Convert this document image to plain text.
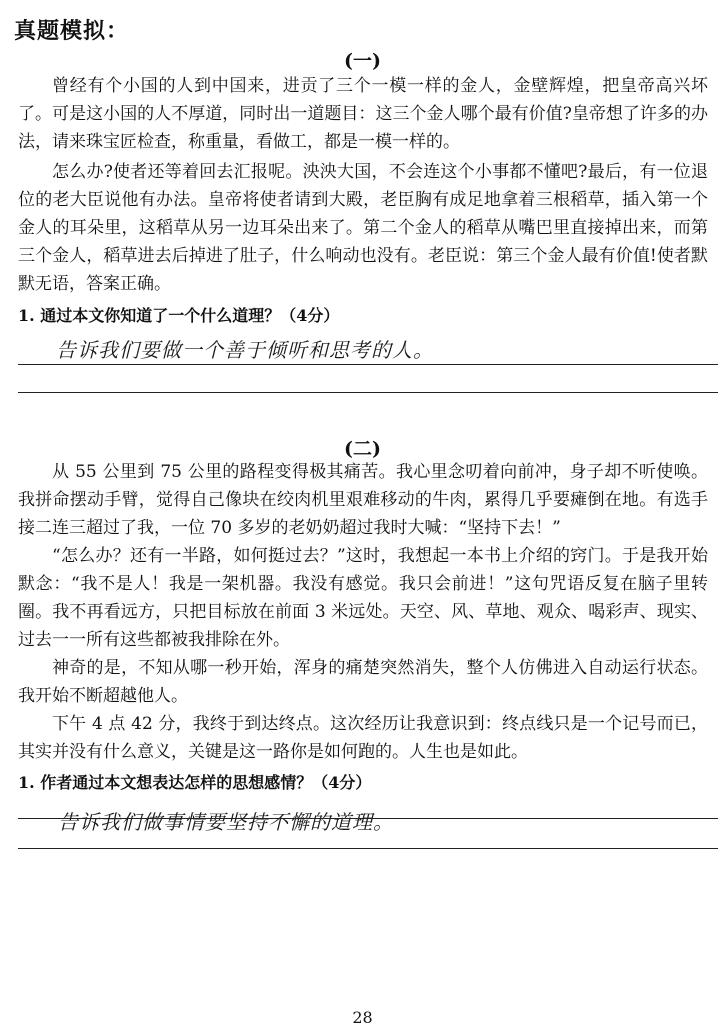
真题模拟：
(一)

曾经有个小国的人到中国来，进贡了三个一模一样的金人，金壁辉煌，把皇帝高兴坏了。可是这小国的人不厚道，同时出一道题目：这三个金人哪个最有价值?皇帝想了许多的办法，请来珠宝匠检查，称重量，看做工，都是一模一样的。

怎么办?使者还等着回去汇报呢。泱泱大国，不会连这个小事都不懂吧?最后，有一位退位的老大臣说他有办法。皇帝将使者请到大殿，老臣胸有成足地拿着三根稻草，插入第一个金人的耳朵里，这稻草从另一边耳朵出来了。第二个金人的稻草从嘴巴里直接掉出来，而第三个金人，稻草进去后掉进了肚子，什么响动也没有。老臣说：第三个金人最有价值!使者默默无语，答案正确。

1. 通过本文你知道了一个什么道理？（4分）
告诉我们要做一个善于倾听和思考的人。
(二)

从 55 公里到 75 公里的路程变得极其痛苦。我心里念叨着向前冲，身子却不听使唤。我拼命摆动手臂，觉得自己像块在绞肉机里艰难移动的牛肉，累得几乎要瘫倒在地。有选手接二连三超过了我，一位 70 多岁的老奶奶超过我时大喊：“坚持下去！”

“怎么办？还有一半路，如何挺过去？”这时，我想起一本书上介绍的窍门。于是我开始默念：“我不是人！我是一架机器。我没有感觉。我只会前进！”这句咒语反复在脑子里转圈。我不再看远方，只把目标放在前面 3 米远处。天空、风、草地、观众、喝彩声、现实、过去一一所有这些都被我排除在外。

神奇的是，不知从哪一秒开始，浑身的痛楚突然消失，整个人仿佛进入自动运行状态。我开始不断超越他人。

下午 4 点 42 分，我终于到达终点。这次经历让我意识到：终点线只是一个记号而已，其实并没有什么意义，关键是这一路你是如何跑的。人生也是如此。

1. 作者通过本文想表达怎样的思想感情？（4分）
告诉我们做事情要坚持不懈的道理。
28
